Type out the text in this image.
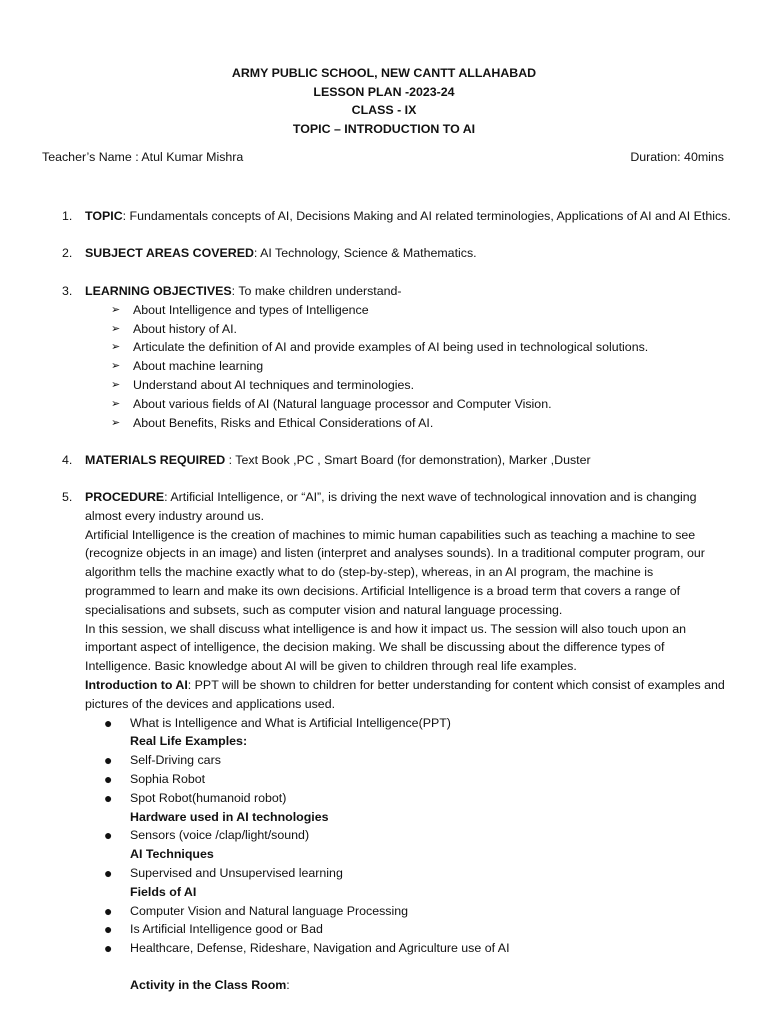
ARMY PUBLIC SCHOOL, NEW CANTT ALLAHABAD
LESSON PLAN -2023-24
CLASS - IX
TOPIC – INTRODUCTION TO AI
Teacher’s Name : Atul Kumar Mishra	Duration: 40mins
1. TOPIC: Fundamentals concepts of AI, Decisions Making and AI related terminologies, Applications of AI and AI Ethics.
2. SUBJECT AREAS COVERED: AI Technology, Science & Mathematics.
3. LEARNING OBJECTIVES: To make children understand-
➢ About Intelligence and types of Intelligence
➢ About history of AI.
➢ Articulate the definition of AI and provide examples of AI being used in technological solutions.
➢ About machine learning
➢ Understand about AI techniques and terminologies.
➢ About various fields of AI (Natural language processor and Computer Vision.
➢ About Benefits, Risks and Ethical Considerations of AI.
4. MATERIALS REQUIRED : Text Book ,PC , Smart Board (for demonstration), Marker ,Duster
5. PROCEDURE: Artificial Intelligence, or “AI”, is driving the next wave of technological innovation and is changing almost every industry around us.
Artificial Intelligence is the creation of machines to mimic human capabilities such as teaching a machine to see (recognize objects in an image) and listen (interpret and analyses sounds). In a traditional computer program, our algorithm tells the machine exactly what to do (step-by-step), whereas, in an AI program, the machine is programmed to learn and make its own decisions. Artificial Intelligence is a broad term that covers a range of specialisations and subsets, such as computer vision and natural language processing.
In this session, we shall discuss what intelligence is and how it impact us. The session will also touch upon an important aspect of intelligence, the decision making. We shall be discussing about the difference types of Intelligence. Basic knowledge about AI will be given to children through real life examples.
Introduction to AI: PPT will be shown to children for better understanding for content which consist of examples and pictures of the devices and applications used.
● What is Intelligence and What is Artificial Intelligence(PPT)
Real Life Examples:
● Self-Driving cars
● Sophia Robot
● Spot Robot(humanoid robot)
Hardware used in AI technologies
● Sensors (voice /clap/light/sound)
AI Techniques
● Supervised and Unsupervised learning
Fields of AI
● Computer Vision and Natural language Processing
● Is Artificial Intelligence good or Bad
● Healthcare, Defense, Rideshare, Navigation and Agriculture use of AI
Activity in the Class Room:
